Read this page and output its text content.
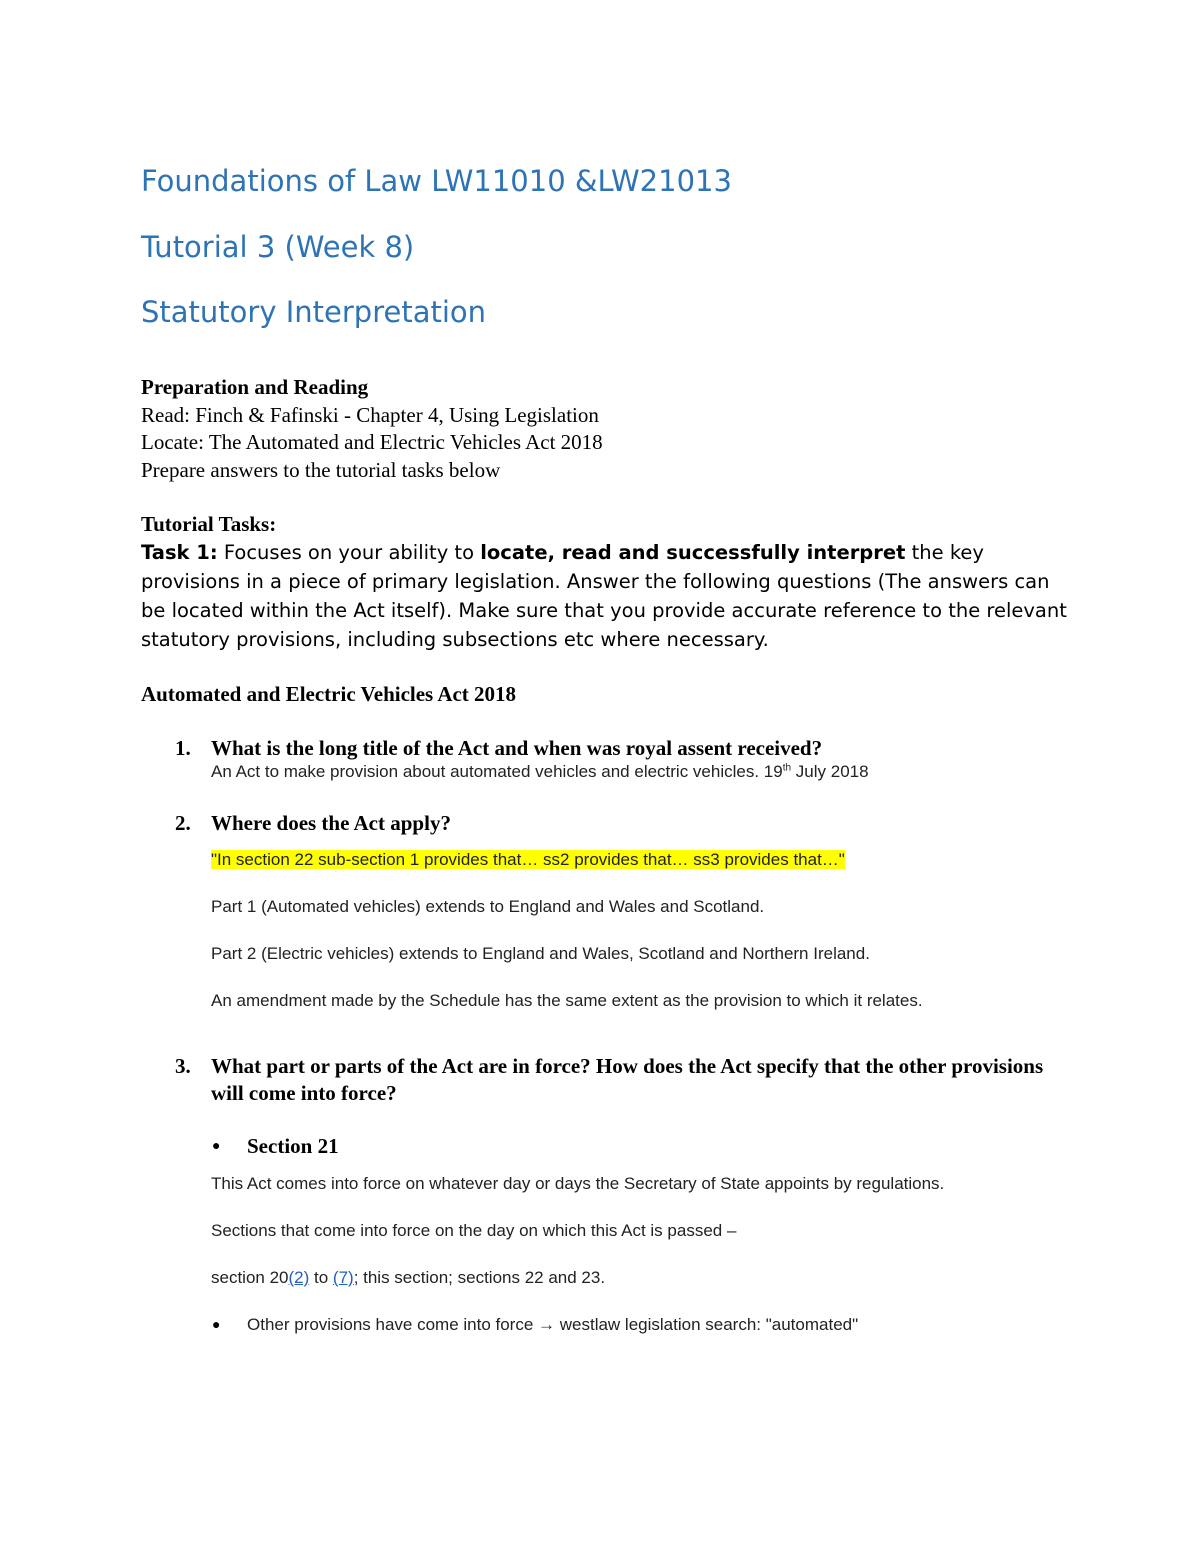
Foundations of Law LW11010 &LW21013
Tutorial 3 (Week 8)
Statutory Interpretation
Preparation and Reading
Read: Finch & Fafinski - Chapter 4, Using Legislation
Locate: The Automated and Electric Vehicles Act 2018
Prepare answers to the tutorial tasks below
Tutorial Tasks:

Task 1: Focuses on your ability to locate, read and successfully interpret the key provisions in a piece of primary legislation. Answer the following questions (The answers can be located within the Act itself). Make sure that you provide accurate reference to the relevant statutory provisions, including subsections etc where necessary.

Automated and Electric Vehicles Act 2018
1. What is the long title of the Act and when was royal assent received?
An Act to make provision about automated vehicles and electric vehicles. 19th July 2018
2. Where does the Act apply?
"In section 22 sub-section 1 provides that… ss2 provides that… ss3 provides that…"
Part 1 (Automated vehicles) extends to England and Wales and Scotland.
Part 2 (Electric vehicles) extends to England and Wales, Scotland and Northern Ireland.
An amendment made by the Schedule has the same extent as the provision to which it relates.
3. What part or parts of the Act are in force? How does the Act specify that the other provisions will come into force?
● Section 21
This Act comes into force on whatever day or days the Secretary of State appoints by regulations.
Sections that come into force on the day on which this Act is passed –
section 20(2) to (7); this section; sections 22 and 23.
● Other provisions have come into force → westlaw legislation search: "automated"
